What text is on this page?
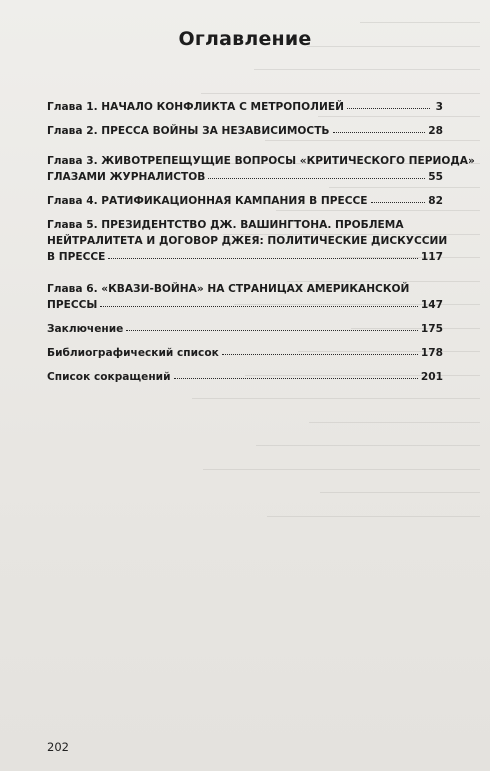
Оглавление
Глава 1. НАЧАЛО КОНФЛИКТА С МЕТРОПОЛИЕЙ	3
Глава 2. ПРЕССА ВОЙНЫ ЗА НЕЗАВИСИМОСТЬ	28
Глава 3. ЖИВОТРЕПЕЩУЩИЕ ВОПРОСЫ «КРИТИЧЕСКОГО ПЕРИОДА»
ГЛАЗАМИ ЖУРНАЛИСТОВ	55
Глава 4. РАТИФИКАЦИОННАЯ КАМПАНИЯ В ПРЕССЕ	82
Глава 5. ПРЕЗИДЕНТСТВО ДЖ. ВАШИНГТОНА. ПРОБЛЕМА
НЕЙТРАЛИТЕТА И ДОГОВОР ДЖЕЯ: ПОЛИТИЧЕСКИЕ ДИСКУССИИ
В ПРЕССЕ	117
Глава 6. «КВАЗИ-ВОЙНА» НА СТРАНИЦАХ АМЕРИКАНСКОЙ
ПРЕССЫ	147
Заключение	175
Библиографический список	178
Список сокращений	201
202
